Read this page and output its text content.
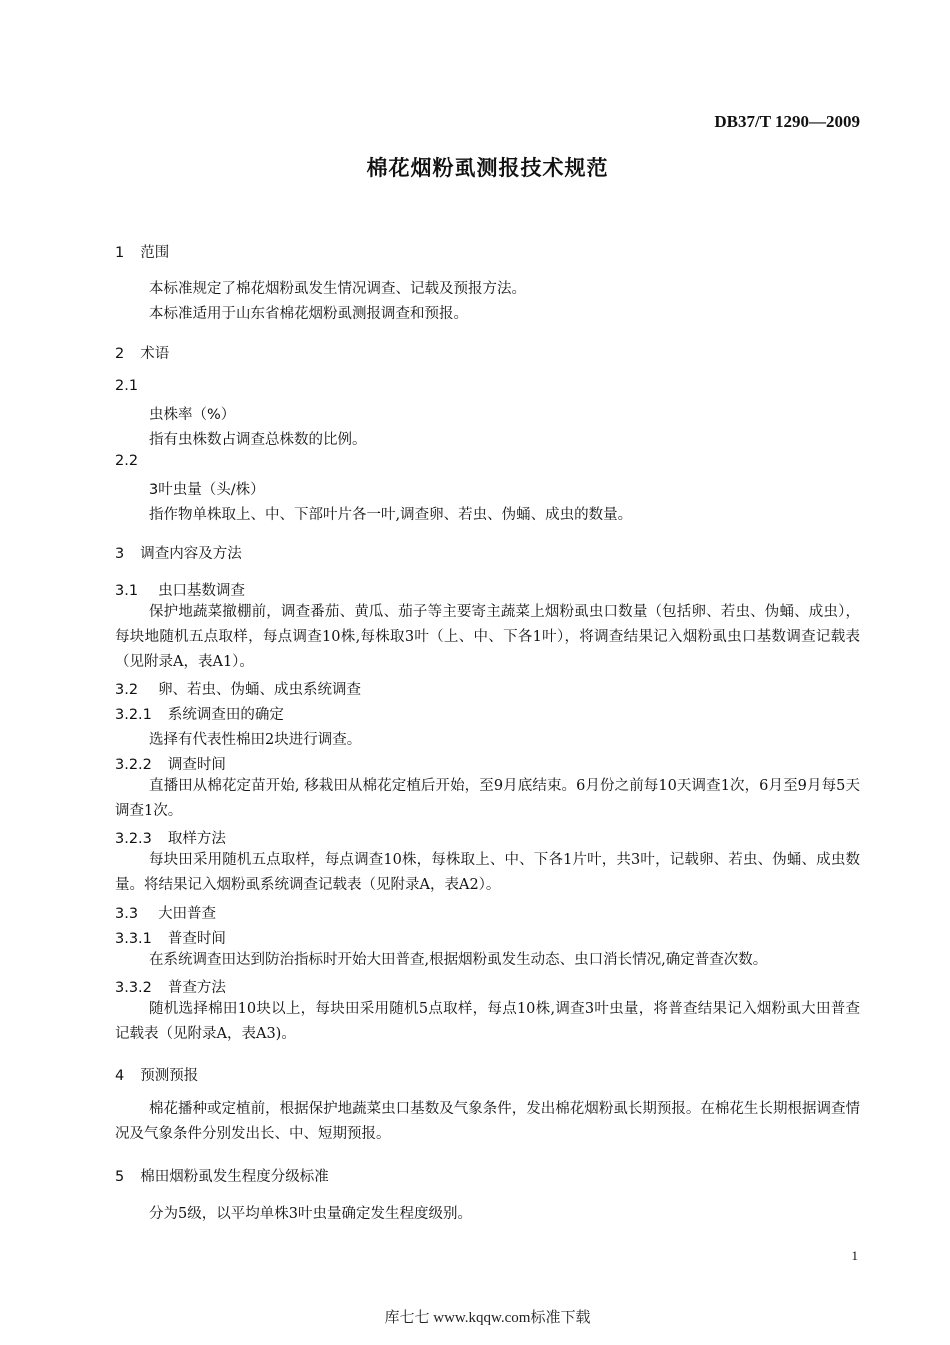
DB37/T 1290—2009
棉花烟粉虱测报技术规范
1 范围
本标准规定了棉花烟粉虱发生情况调查、记载及预报方法。
本标准适用于山东省棉花烟粉虱测报调查和预报。
2 术语
2.1
虫株率（%）
指有虫株数占调查总株数的比例。
2.2
3叶虫量（头/株）
指作物单株取上、中、下部叶片各一叶,调查卵、若虫、伪蛹、成虫的数量。
3 调查内容及方法
3.1 虫口基数调查
保护地蔬菜撤棚前，调查番茄、黄瓜、茄子等主要寄主蔬菜上烟粉虱虫口数量（包括卵、若虫、伪蛹、成虫），每块地随机五点取样，每点调查10株,每株取3叶（上、中、下各1叶），将调查结果记入烟粉虱虫口基数调查记载表（见附录A，表A1）。
3.2 卵、若虫、伪蛹、成虫系统调查
3.2.1 系统调查田的确定
选择有代表性棉田2块进行调查。
3.2.2 调查时间
直播田从棉花定苗开始, 移栽田从棉花定植后开始，至9月底结束。6月份之前每10天调查1次，6月至9月每5天调查1次。
3.2.3 取样方法
每块田采用随机五点取样，每点调查10株，每株取上、中、下各1片叶，共3叶，记载卵、若虫、伪蛹、成虫数量。将结果记入烟粉虱系统调查记载表（见附录A，表A2）。
3.3 大田普查
3.3.1 普查时间
在系统调查田达到防治指标时开始大田普查,根据烟粉虱发生动态、虫口消长情况,确定普查次数。
3.3.2 普查方法
随机选择棉田10块以上，每块田采用随机5点取样，每点10株,调查3叶虫量，将普查结果记入烟粉虱大田普查记载表（见附录A，表A3)。
4 预测预报
棉花播种或定植前，根据保护地蔬菜虫口基数及气象条件，发出棉花烟粉虱长期预报。在棉花生长期根据调查情况及气象条件分别发出长、中、短期预报。
5 棉田烟粉虱发生程度分级标准
分为5级，以平均单株3叶虫量确定发生程度级别。
1
库七七 www.kqqw.com标准下载
